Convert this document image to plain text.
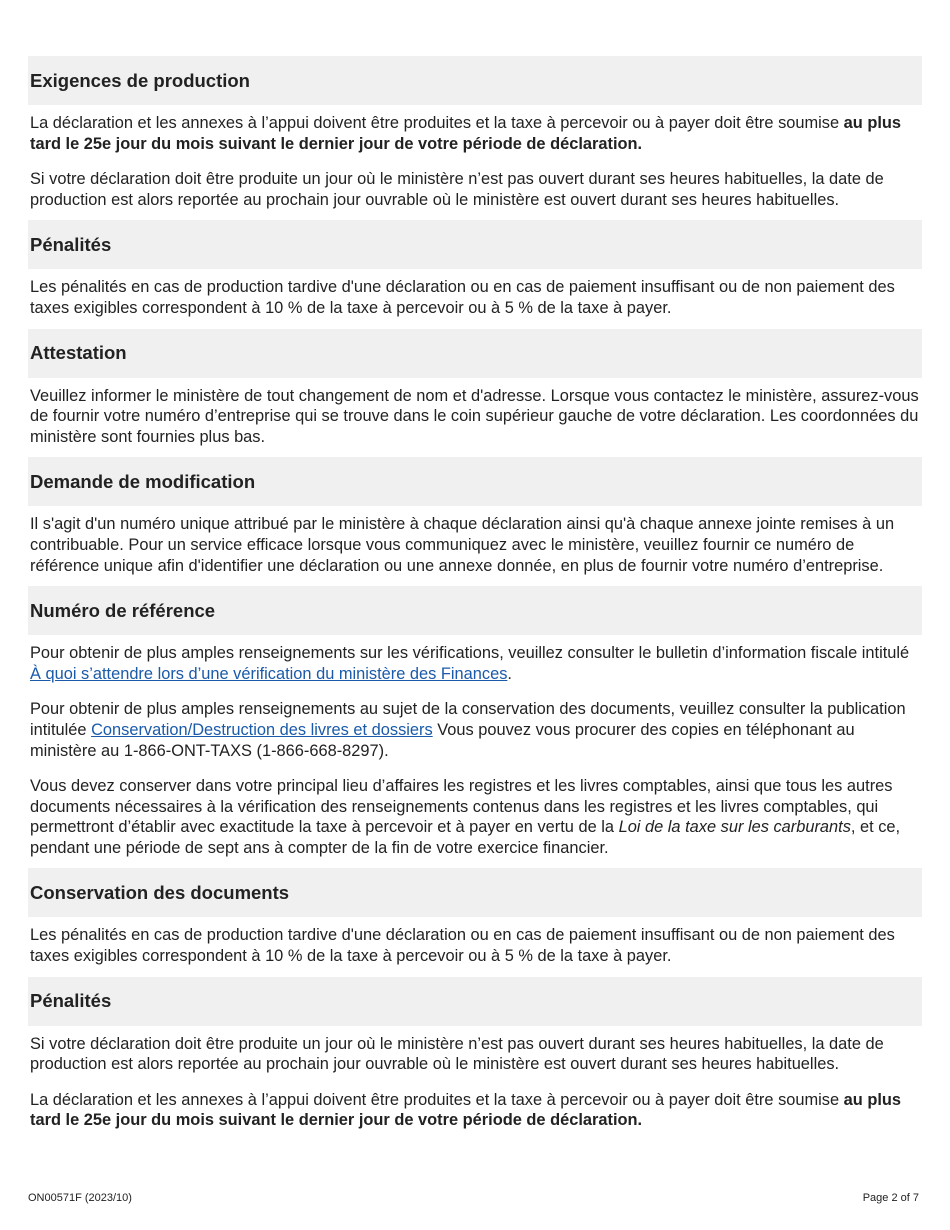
Exigences de production

La déclaration et les annexes à l’appui doivent être produites et la taxe à percevoir ou à payer doit être soumise au plus tard le 25e jour du mois suivant le dernier jour de votre période de déclaration.

Si votre déclaration doit être produite un jour où le ministère n’est pas ouvert durant ses heures habituelles, la date de production est alors reportée au prochain jour ouvrable où le ministère est ouvert durant ses heures habituelles.

Pénalités

Les pénalités en cas de production tardive d'une déclaration ou en cas de paiement insuffisant ou de non paiement des taxes exigibles correspondent à 10 % de la taxe à percevoir ou à 5 % de la taxe à payer.

Attestation

Veuillez informer le ministère de tout changement de nom et d'adresse. Lorsque vous contactez le ministère, assurez-vous de fournir votre numéro d’entreprise qui se trouve dans le coin supérieur gauche de votre déclaration. Les coordonnées du ministère sont fournies plus bas.

Demande de modification

Il s'agit d'un numéro unique attribué par le ministère à chaque déclaration ainsi qu'à chaque annexe jointe remises à un contribuable. Pour un service efficace lorsque vous communiquez avec le ministère, veuillez fournir ce numéro de référence unique afin d'identifier une déclaration ou une annexe donnée, en plus de fournir votre numéro d’entreprise.

Numéro de référence

Pour obtenir de plus amples renseignements sur les vérifications, veuillez consulter le bulletin d’information fiscale intitulé À quoi s’attendre lors d’une vérification du ministère des Finances.

Pour obtenir de plus amples renseignements au sujet de la conservation des documents, veuillez consulter la publication intitulée Conservation/Destruction des livres et dossiers Vous pouvez vous procurer des copies en téléphonant au ministère au 1-866-ONT-TAXS (1-866-668-8297).

Vous devez conserver dans votre principal lieu d’affaires les registres et les livres comptables, ainsi que tous les autres documents nécessaires à la vérification des renseignements contenus dans les registres et les livres comptables, qui permettront d’établir avec exactitude la taxe à percevoir et à payer en vertu de la Loi de la taxe sur les carburants, et ce, pendant une période de sept ans à compter de la fin de votre exercice financier.

Conservation des documents

Les pénalités en cas de production tardive d'une déclaration ou en cas de paiement insuffisant ou de non paiement des taxes exigibles correspondent à 10 % de la taxe à percevoir ou à 5 % de la taxe à payer.

Pénalités

Si votre déclaration doit être produite un jour où le ministère n’est pas ouvert durant ses heures habituelles, la date de production est alors reportée au prochain jour ouvrable où le ministère est ouvert durant ses heures habituelles.

La déclaration et les annexes à l’appui doivent être produites et la taxe à percevoir ou à payer doit être soumise au plus tard le 25e jour du mois suivant le dernier jour de votre période de déclaration.

ON00571F (2023/10)	Page 2 of 7
